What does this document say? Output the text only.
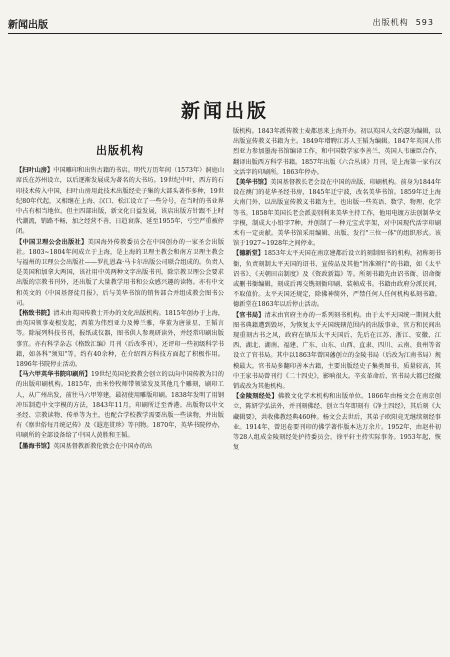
新闻出版	出版机构 593
新闻出版
出版机构

【扫叶山房】中国雕印和出售古籍的书店。明代万历年间（1573年）洞庭山席氏在苏州设立，以后逐渐发展成为著名的大书坊。19世纪中叶，西方的石印技术传入中国，扫叶山房用此技术出版经史子集的大部头著作多种，19世纪80年代起，又相继在上海、汉口、松江设立了一些分号，在当时的书业界中占有相当地位。但主四部出版，新文化日益发展，该店出版方针跟不上时代潮流，销路不畅，加之经营不善，日趋衰落，延至1955年，亏空严重被停闭。

【中国卫理公会出版社】美国海外传教委员会在中国创办的一家圣会出版社。1803~1804年间成立于上海，是上海的卫理主教会和南方卫理主教会与福州的卫理公会出版社——罗扎恩森·马卡尔出版公司联合组成的。负责人是美国和加拿大两国，该社用中英两种文字出版书刊，除宗教卫理公会要求出版的宗教书刊外，还出版了大量教学用书和公众感兴趣的读物。亦有中文和英文的《中国基督徒月报》，后与美华书馆的销售部合并组成教会图书公司。

【格致书院】清末由英国传教士开办的文化出版机构。1815年创办于上海，由英国领事麦根发起，西董为伟烈亚力及傅兰雅，华董为唐景星、王韬言等。除展列科技书刊，报纸或仪器，图书供人参观研读外，并经常印刷出版事宜。亦有科学杂志《格致汇编》月刊（后改季刊），还评印一些初级科学书籍，如各科"须知"等，约有40余种，在介绍西方科技方面起了积极作用。1896年书院停止活动。

【马六甲英华书院印刷所】19世纪英国伦敦教会创立的以向中国传教为目的的出版印刷机构。1815年，由米怜牧师带领梁发及其他几个雕刻，刷印工人，从广州出发，前往马六甲筹建，最初使用雕版印刷。1838年发明了用钢冲压制造中文字模的方法，1843年11月，印刷所迁至香港。出版物以中文圣经、宗教读物、传单等为主，也配合学校教学需要出版一些读物，并出版有《察世俗每月统记传》及《遐迩贯珍》等刊物。1870年，英华书院停办，印刷所的全部设备给了中国人黄胜和王韬。

【墨海书馆】英国基督教新教伦敦会在中国办的出

版机构。1843年派传教士麦都思来上海开办。初以英国人文约瑟为编辑，以出版宣传教义书籍为主。1849年增聘江苏人王韬为编辑。1847年英国人伟烈亚力参加墨海书馆编译工作，和中国数学家李善兰、英国人韦廉臣合作，翻译出版西方科学书籍。1857年出版《六合丛谈》月刊，是上海第一家有汉文活字的印刷所。1863年停办。

【美华书馆】美国基督教长老会设在中国的出版、印刷机构。前身为1844年设在澳门的花华圣经书房，1845年迁宁波，改名美华书馆。1859年迁上海大南门外，以出版宣传教义书籍为主，也出版一些英语、数学、物理、化学等书。1858年美国长老会派姜别利来美华主持工作，他用电镀方法创制华文字模，制成大小铅字7种，并创制了一种元宝式字架，对中国现代活字印刷术有一定贡献。美华书馆采用编辑、出版、发行"三位一体"的组织形式。该馆于1927~1928年之间停业。

【德新堂】1853年太平天国在南京建都后设立的刻制图书的机构，初称刻书衙，负责刻制太平天国的诏书、宣传品及其他"旨准颁行"的书籍，如《太平诏书》、《天朝田亩制度》及《资政新篇》等。所刻书籍先由诏书衙、诏命衙或删书衙编辑，刻成后再交镌刻衙印刷、装帧成书。书籍由政府分派民间，不取值价。太平天国还规定，除佛神简外，严禁任何人任何机构私刻书籍。德新堂在1863年以后停止活动。

【官书局】清末由官府主办的一系列刻书机构。由于太平天国统一期间大批图书典籍遭到毁坏，为恢复太平天国统辖范围内的出版事业，官方和民间出现重刻古书之风，政府在镇压太平天国后，先后在江苏、浙江、安徽、江西、湖北、湖南、福建、广东、山东、山西、直隶、四川、云南、贵州等省设立了官书局。其中以1863年曾国藩创立的金陵书局（后改为江南书局）规模最大。官书局多翻印善本古籍，主要出版经史子集类图书，质量较高，其中王家书局曾刊行《二十四史》，影响很大。辛亥革命后，官书局大都已经撤销或改为其他机构。

【金陵刻经处】佛教文化学术机构和出版单位。1866年由杨文会在南京创立，陈妍学弘法外，并刊刻佛经、创立当年即刻有《净土四经》，其后刻《大藏辑要》，共收佛教经典460种。杨文会去世后，其弟子欧阳竟无继续刻经事业。1914年，曾迅卷要刊印的佛学著作版本达万余片。1952年，由赵朴初等28人组成金陵刻经处护持委员会，徐平轩主持实际事务。1953年起，恢复
